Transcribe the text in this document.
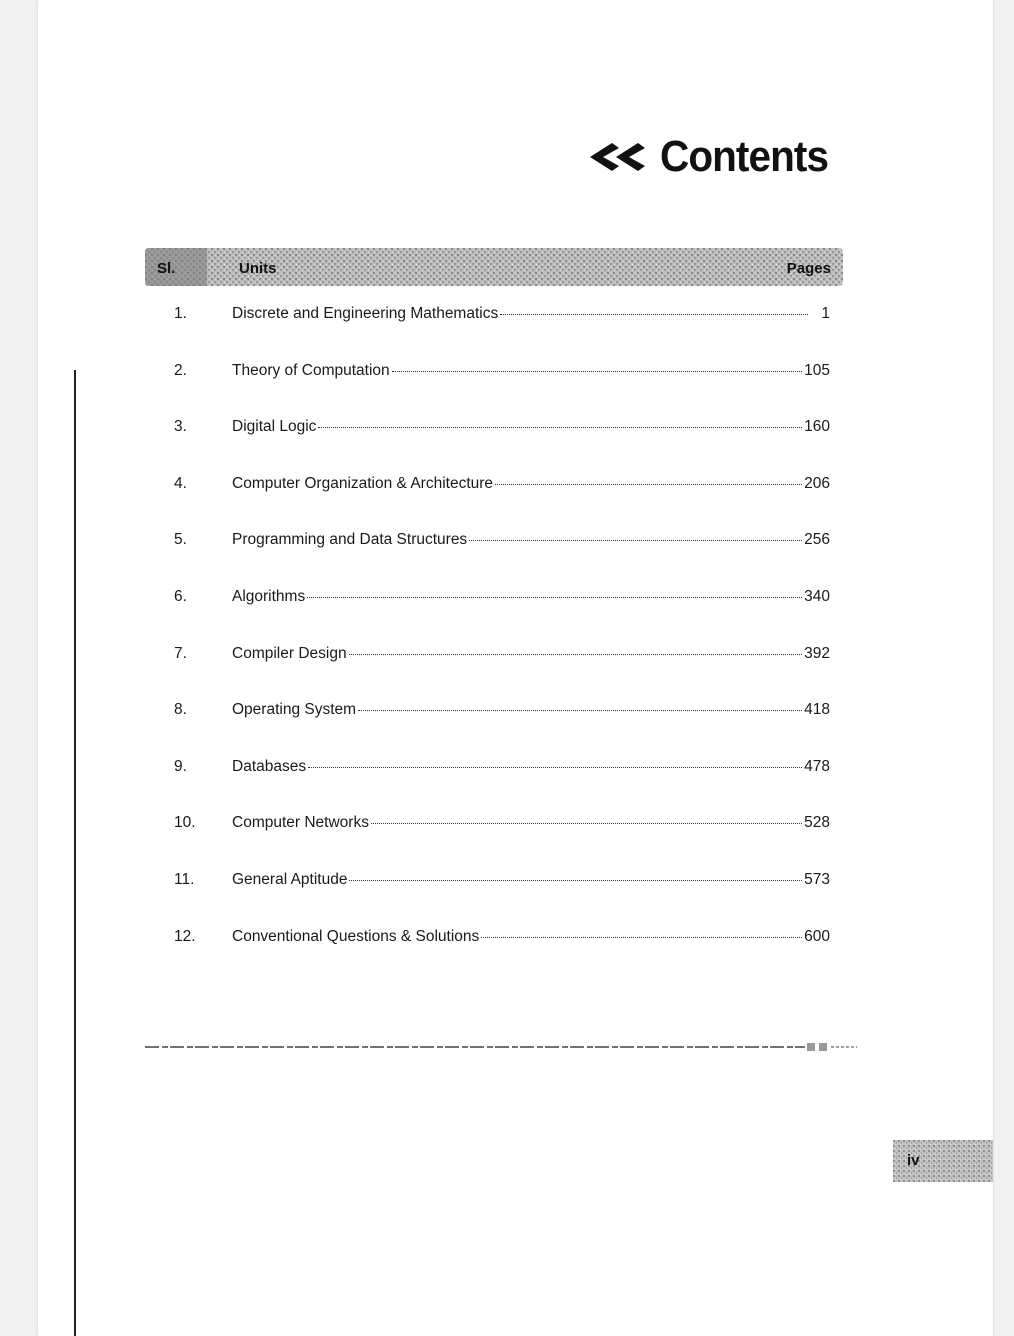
Contents
Sl.	Units	Pages
1.	Discrete and Engineering Mathematics	1
2.	Theory of Computation	105
3.	Digital Logic	160
4.	Computer Organization & Architecture	206
5.	Programming and Data Structures	256
6.	Algorithms	340
7.	Compiler Design	392
8.	Operating System	418
9.	Databases	478
10.	Computer Networks	528
11.	General Aptitude	573
12.	Conventional Questions & Solutions	600
iv
